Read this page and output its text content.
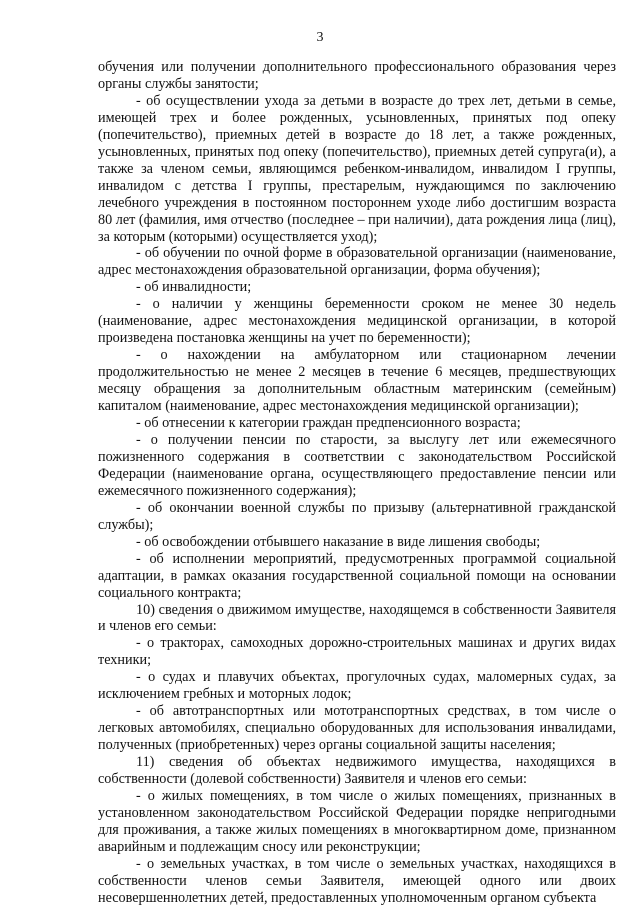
3

обучения или получении дополнительного профессионального образования через органы службы занятости;

- об осуществлении ухода за детьми в возрасте до трех лет, детьми в семье, имеющей трех и более рожденных, усыновленных, принятых под опеку (попечительство), приемных детей в возрасте до 18 лет, а также рожденных, усыновленных, принятых под опеку (попечительство), приемных детей супруга(и), а также за членом семьи, являющимся ребенком-инвалидом, инвалидом I группы, инвалидом с детства I группы, престарелым, нуждающимся по заключению лечебного учреждения в постоянном постороннем уходе либо достигшим возраста 80 лет (фамилия, имя отчество (последнее – при наличии), дата рождения лица (лиц), за которым (которыми) осуществляется уход);

- об обучении по очной форме в образовательной организации (наименование, адрес местонахождения образовательной организации, форма обучения);

- об инвалидности;

- о наличии у женщины беременности сроком не менее 30 недель (наименование, адрес местонахождения медицинской организации, в которой произведена постановка женщины на учет по беременности);

- о нахождении на амбулаторном или стационарном лечении продолжительностью не менее 2 месяцев в течение 6 месяцев, предшествующих месяцу обращения за дополнительным областным материнским (семейным) капиталом (наименование, адрес местонахождения медицинской организации);

- об отнесении к категории граждан предпенсионного возраста;

- о получении пенсии по старости, за выслугу лет или ежемесячного пожизненного содержания в соответствии с законодательством Российской Федерации (наименование органа, осуществляющего предоставление пенсии или ежемесячного пожизненного содержания);

- об окончании военной службы по призыву (альтернативной гражданской службы);

- об освобождении отбывшего наказание в виде лишения свободы;

- об исполнении мероприятий, предусмотренных программой социальной адаптации, в рамках оказания государственной социальной помощи на основании социального контракта;

10) сведения о движимом имуществе, находящемся в собственности Заявителя и членов его семьи:

- о тракторах, самоходных дорожно-строительных машинах и других видах техники;

- о судах и плавучих объектах, прогулочных судах, маломерных судах, за исключением гребных и моторных лодок;

- об автотранспортных или мототранспортных средствах, в том числе о легковых автомобилях, специально оборудованных для использования инвалидами, полученных (приобретенных) через органы социальной защиты населения;

11) сведения об объектах недвижимого имущества, находящихся в собственности (долевой собственности) Заявителя и членов его семьи:

- о жилых помещениях, в том числе о жилых помещениях, признанных в установленном законодательством Российской Федерации порядке непригодными для проживания, а также жилых помещениях в многоквартирном доме, признанном аварийным и подлежащим сносу или реконструкции;

- о земельных участках, в том числе о земельных участках, находящихся в собственности членов семьи Заявителя, имеющей одного или двоих несовершеннолетних детей, предоставленных уполномоченным органом субъекта
